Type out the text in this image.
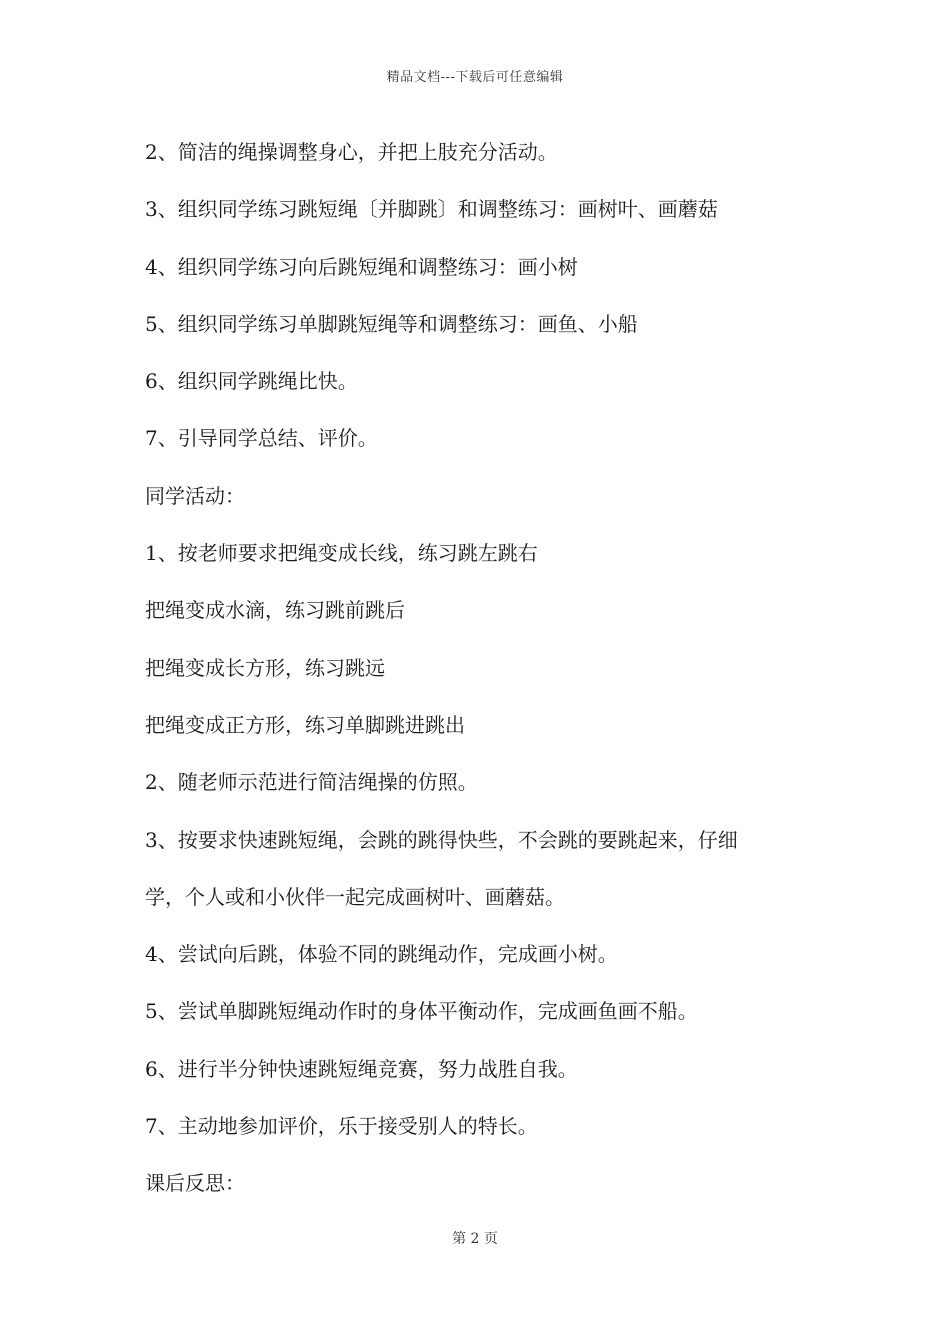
精品文档---下载后可任意编辑
2、简洁的绳操调整身心，并把上肢充分活动。
3、组织同学练习跳短绳〔并脚跳〕和调整练习：画树叶、画蘑菇
4、组织同学练习向后跳短绳和调整练习：画小树
5、组织同学练习单脚跳短绳等和调整练习：画鱼、小船
6、组织同学跳绳比快。
7、引导同学总结、评价。
同学活动：
1、按老师要求把绳变成长线，练习跳左跳右
把绳变成水滴，练习跳前跳后
把绳变成长方形，练习跳远
把绳变成正方形，练习单脚跳进跳出
2、随老师示范进行简洁绳操的仿照。
3、按要求快速跳短绳，会跳的跳得快些，不会跳的要跳起来，仔细
学，个人或和小伙伴一起完成画树叶、画蘑菇。
4、尝试向后跳，体验不同的跳绳动作，完成画小树。
5、尝试单脚跳短绳动作时的身体平衡动作，完成画鱼画不船。
6、进行半分钟快速跳短绳竞赛，努力战胜自我。
7、主动地参加评价，乐于接受别人的特长。
课后反思：
第 2 页
